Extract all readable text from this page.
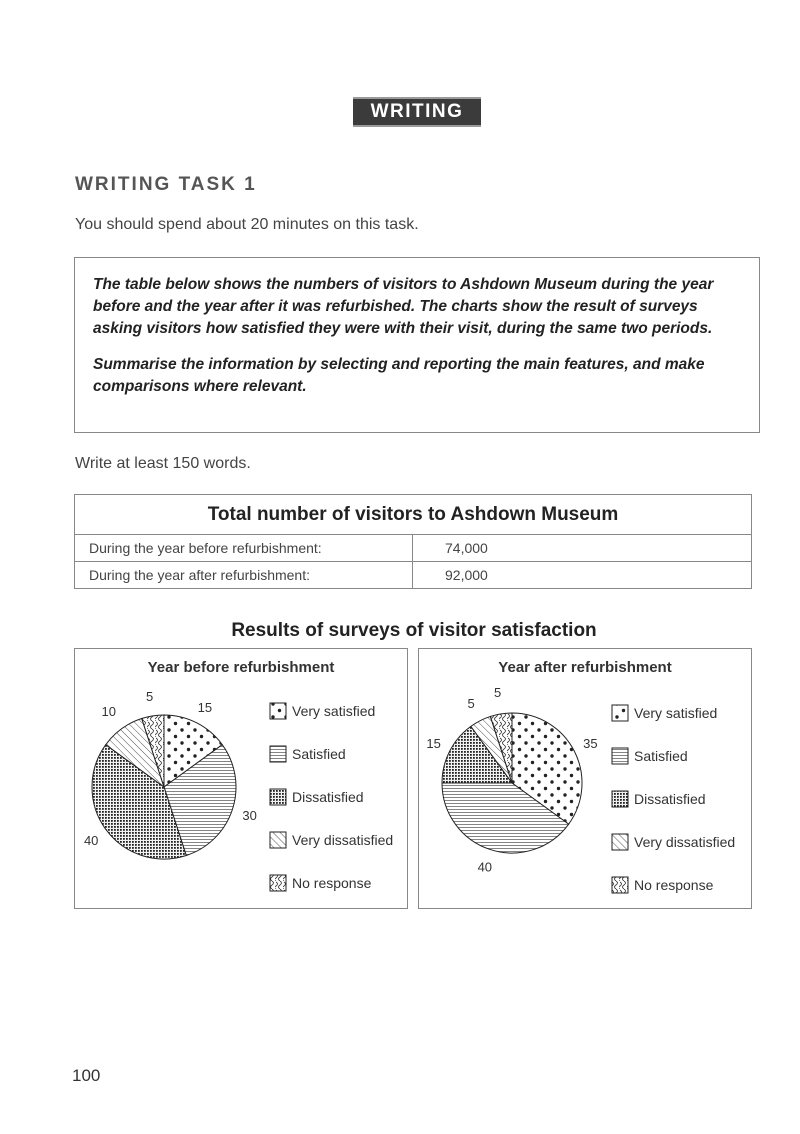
WRITING
WRITING TASK 1
You should spend about 20 minutes on this task.

The table below shows the numbers of visitors to Ashdown Museum during the year before and the year after it was refurbished. The charts show the result of surveys asking visitors how satisfied they were with their visit, during the same two periods.

Summarise the information by selecting and reporting the main features, and make comparisons where relevant.

Write at least 150 words.
Total number of visitors to Ashdown Museum	
During the year before refurbishment:	74,000
During the year after refurbishment:	92,000
Results of surveys of visitor satisfaction
Year before refurbishment
15
30
40
10
5
Very satisfied
Satisfied
Dissatisfied
Very dissatisfied
No response
Year after refurbishment
35
40
15
5
5
Very satisfied
Satisfied
Dissatisfied
Very dissatisfied
No response
100
